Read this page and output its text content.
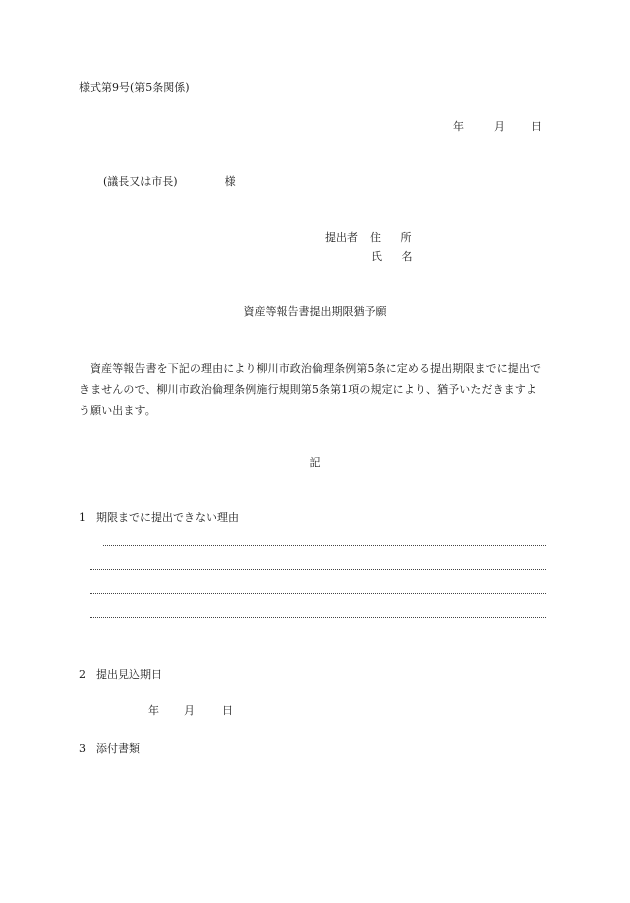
様式第9号(第5条関係)
年	月 日
(議長又は市長)	様
提出者 住 所
氏 名
資産等報告書提出期限猶予願
資産等報告書を下記の理由により柳川市政治倫理条例第5条に定める提出期限までに提出できませんので、柳川市政治倫理条例施行規則第5条第1項の規定により、猶予いただきますよう願い出ます。
記
1 期限までに提出できない理由
2 提出見込期日
年 月 日
3 添付書類
